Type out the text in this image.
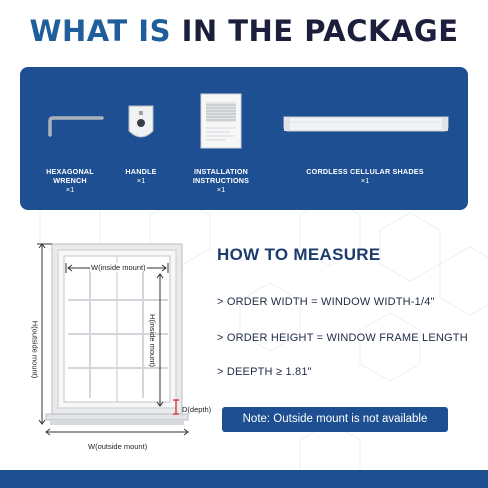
WHAT IS IN THE PACKAGE
HEXAGONAL
WRENCH
×1
HANDLE
×1
INSTALLATION
INSTRUCTIONS
×1
CORDLESS CELLULAR SHADES
×1
W(inside mount)
H(inside mount)
H(outside mount)
W(outside mount)
D(depth)
HOW TO MEASURE
> ORDER WIDTH = WINDOW WIDTH-1/4"
> ORDER HEIGHT = WINDOW FRAME LENGTH
> DEEPTH ≥ 1.81"
Note: Outside mount is not available
